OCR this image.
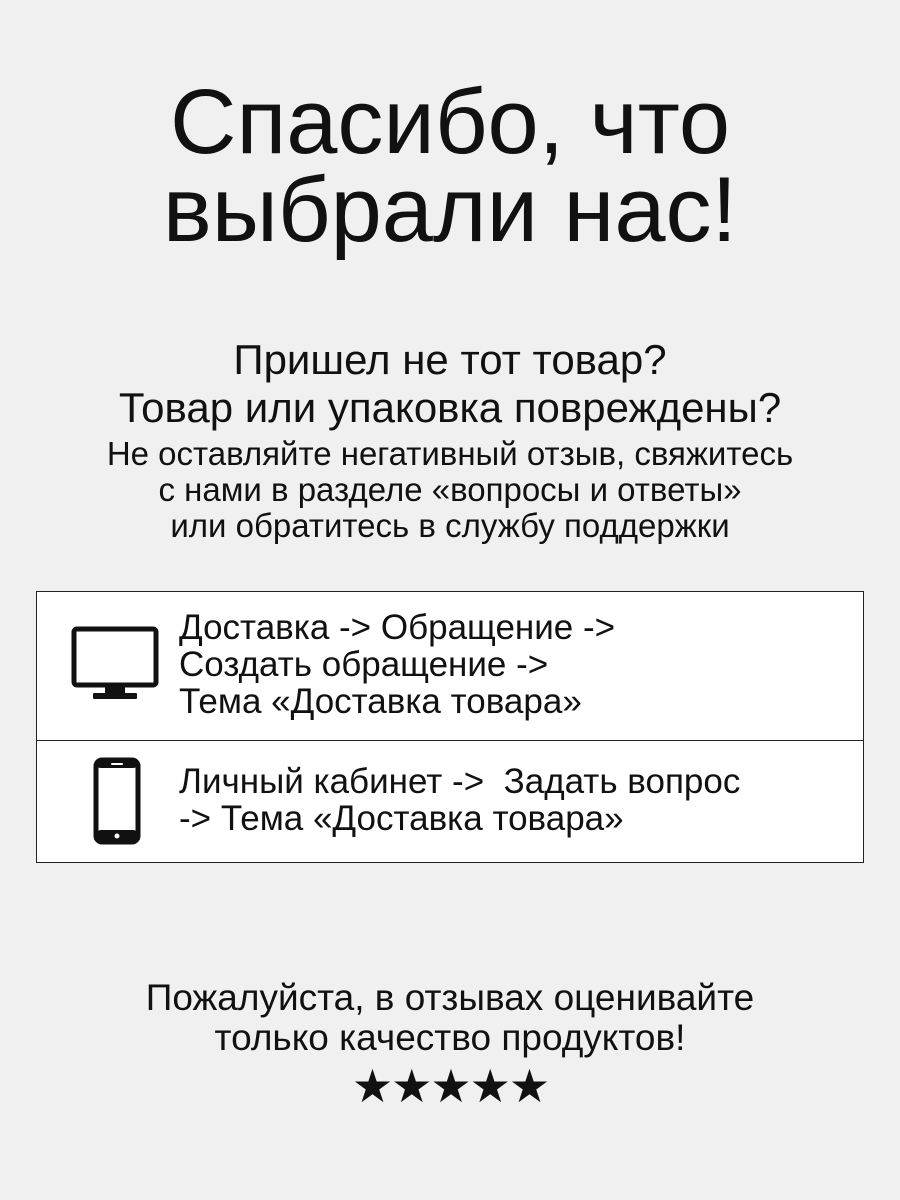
Спасибо, что
выбрали нас!
Пришел не тот товар?
Товар или упаковка повреждены?
Не оставляйте негативный отзыв, свяжитесь
с нами в разделе «вопросы и ответы»
или обратитесь в службу поддержки
Доставка -> Обращение ->
Создать обращение ->
Тема «Доставка товара»
Личный кабинет ->  Задать вопрос
-> Тема «Доставка товара»
Пожалуйста, в отзывах оценивайте
только качество продуктов!
★★★★★
